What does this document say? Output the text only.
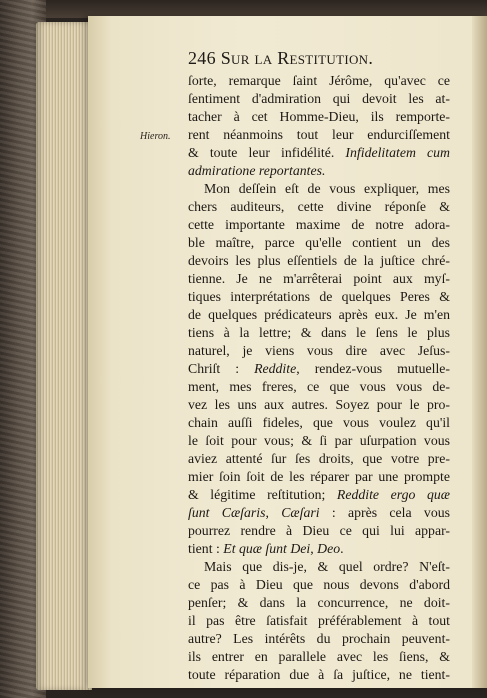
246 Sur la Restitution.
Hieron.
ſorte, remarque ſaint Jérôme, qu'avec ce
ſentiment d'admiration qui devoit les at-
tacher à cet Homme-Dieu, ils remporte-
rent néanmoins tout leur endurciſſement
& toute leur infidélité. Infidelitatem cum
admiratione reportantes.
Mon deſſein eſt de vous expliquer, mes
chers auditeurs, cette divine réponſe &
cette importante maxime de notre adora-
ble maître, parce qu'elle contient un des
devoirs les plus eſſentiels de la juſtice chré-
tienne. Je ne m'arrêterai point aux myſ-
tiques interprétations de quelques Peres &
de quelques prédicateurs après eux. Je m'en
tiens à la lettre; & dans le ſens le plus
naturel, je viens vous dire avec Jeſus-
Chriſt : Reddite, rendez-vous mutuelle-
ment, mes freres, ce que vous vous de-
vez les uns aux autres. Soyez pour le pro-
chain auſſi fideles, que vous voulez qu'il
le ſoit pour vous; & ſi par uſurpation vous
aviez attenté ſur ſes droits, que votre pre-
mier ſoin ſoit de les réparer par une prompte
& légitime reſtitution; Reddite ergo quæ
ſunt Cæſaris, Cæſari : après cela vous
pourrez rendre à Dieu ce qui lui appar-
tient : Et quæ ſunt Dei, Deo.
Mais que dis-je, & quel ordre? N'eſt-
ce pas à Dieu que nous devons d'abord
penſer; & dans la concurrence, ne doit-
il pas être ſatisfait préférablement à tout
autre? Les intérêts du prochain peuvent-
ils entrer en parallele avec les ſiens, &
toute réparation due à ſa juſtice, ne tient-
